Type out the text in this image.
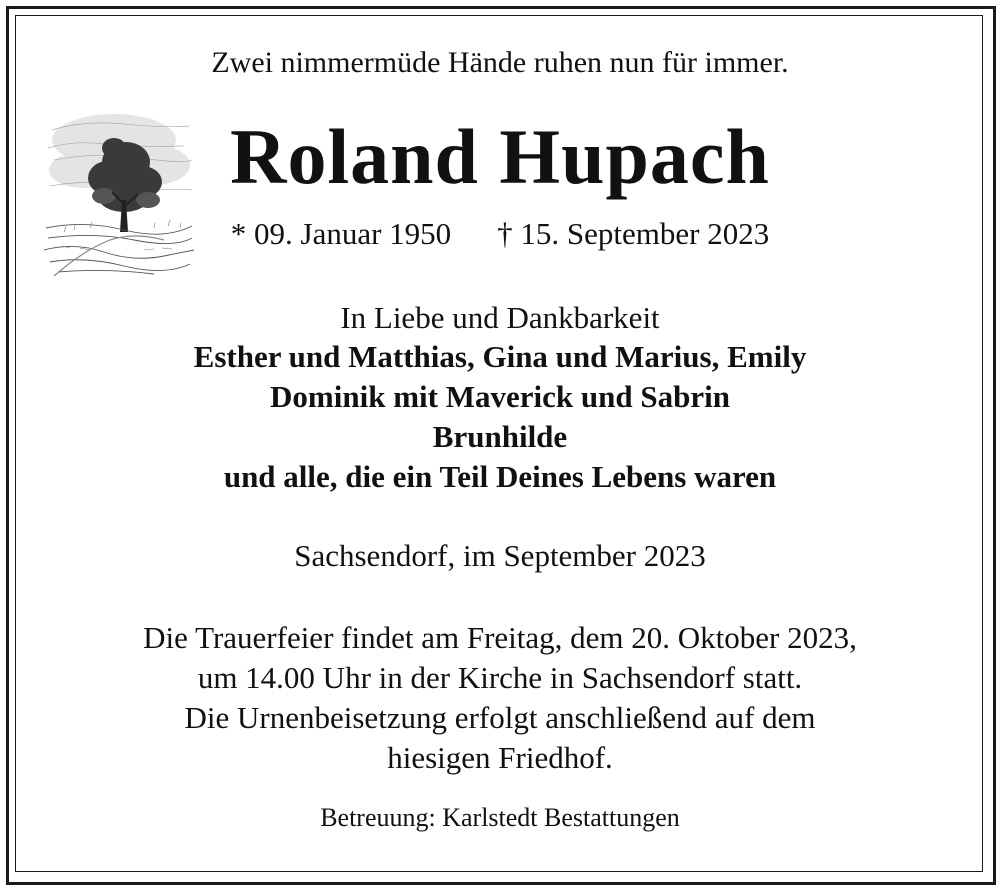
Zwei nimmermüde Hände ruhen nun für immer.
Roland Hupach
* 09. Januar 1950 † 15. September 2023
In Liebe und Dankbarkeit
Esther und Matthias, Gina und Marius, Emily
Dominik mit Maverick und Sabrin
Brunhilde
und alle, die ein Teil Deines Lebens waren
Sachsendorf, im September 2023
Die Trauerfeier findet am Freitag, dem 20. Oktober 2023,
um 14.00 Uhr in der Kirche in Sachsendorf statt.
Die Urnenbeisetzung erfolgt anschließend auf dem
hiesigen Friedhof.
Betreuung: Karlstedt Bestattungen
